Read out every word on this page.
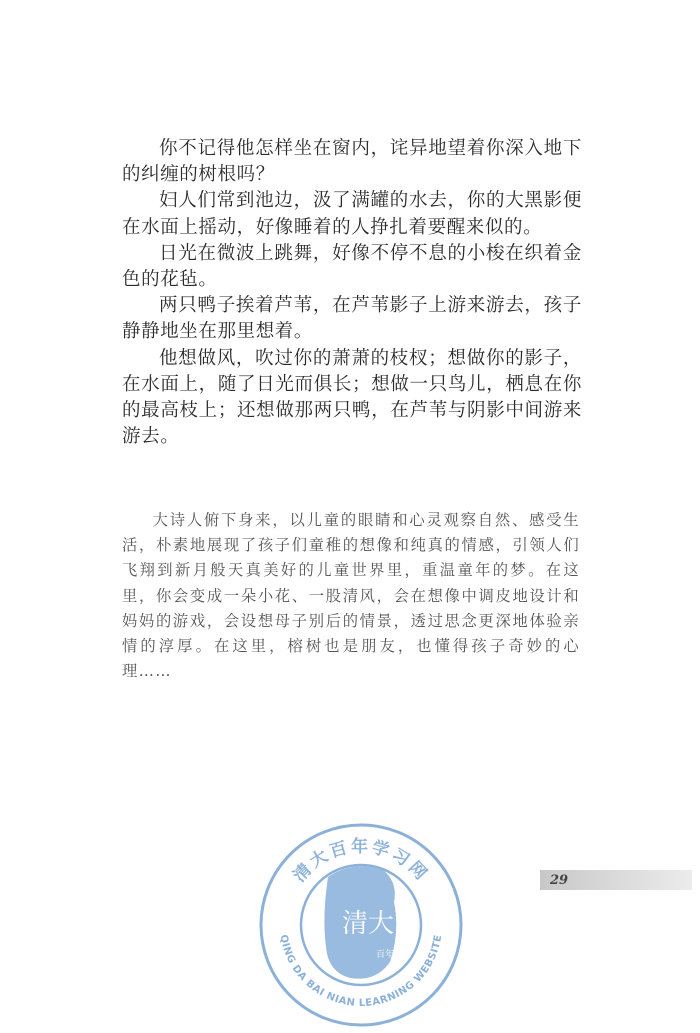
你不记得他怎样坐在窗内，诧异地望着你深入地下的纠缠的树根吗？

妇人们常到池边，汲了满罐的水去，你的大黑影便在水面上摇动，好像睡着的人挣扎着要醒来似的。

日光在微波上跳舞，好像不停不息的小梭在织着金色的花毡。

两只鸭子挨着芦苇，在芦苇影子上游来游去，孩子静静地坐在那里想着。

他想做风，吹过你的萧萧的枝杈；想做你的影子，在水面上，随了日光而俱长；想做一只鸟儿，栖息在你的最高枝上；还想做那两只鸭，在芦苇与阴影中间游来游去。

大诗人俯下身来，以儿童的眼睛和心灵观察自然、感受生活，朴素地展现了孩子们童稚的想像和纯真的情感，引领人们飞翔到新月般天真美好的儿童世界里，重温童年的梦。在这里，你会变成一朵小花、一股清风，会在想像中调皮地设计和妈妈的游戏，会设想母子别后的情景，透过思念更深地体验亲情的淳厚。在这里，榕树也是朋友，也懂得孩子奇妙的心理……

29
清大
百年
清大百年学习网
QING DA BAI NIAN LEARNING WEBSITE
